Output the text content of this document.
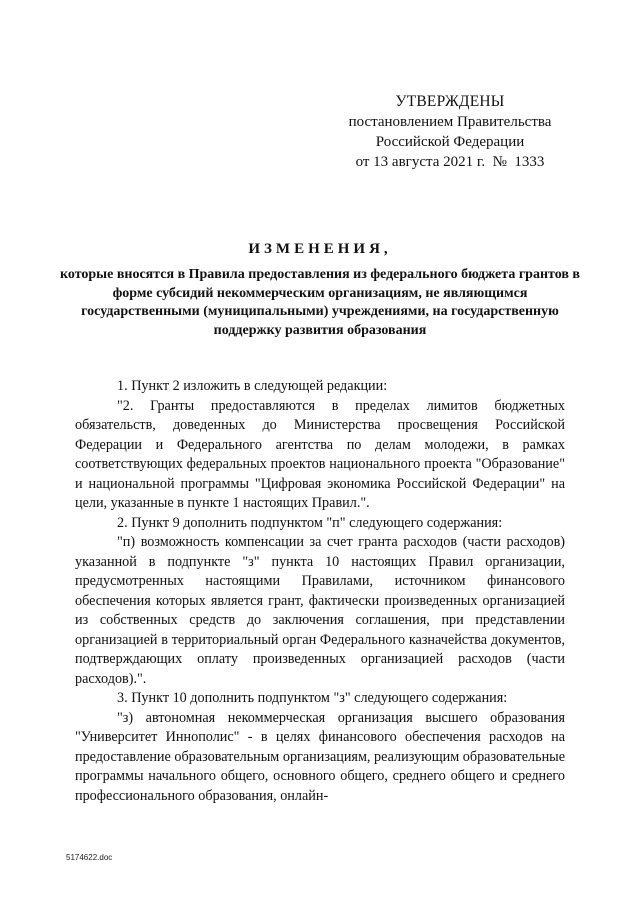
УТВЕРЖДЕНЫ
постановлением Правительства
Российской Федерации
от 13 августа 2021 г.  №  1333
ИЗМЕНЕНИЯ,
которые вносятся в Правила предоставления из федерального бюджета грантов в форме субсидий некоммерческим организациям, не являющимся государственными (муниципальными) учреждениями, на государственную поддержку развития образования

1. Пункт 2 изложить в следующей редакции:

"2. Гранты предоставляются в пределах лимитов бюджетных обязательств, доведенных до Министерства просвещения Российской Федерации и Федерального агентства по делам молодежи, в рамках соответствующих федеральных проектов национального проекта "Образование" и национальной программы "Цифровая экономика Российской Федерации" на цели, указанные в пункте 1 настоящих Правил.".

2. Пункт 9 дополнить подпунктом "п" следующего содержания:

"п) возможность компенсации за счет гранта расходов (части расходов) указанной в подпункте "з" пункта 10 настоящих Правил организации, предусмотренных настоящими Правилами, источником финансового обеспечения которых является грант, фактически произведенных организацией из собственных средств до заключения соглашения, при представлении организацией в территориальный орган Федерального казначейства документов, подтверждающих оплату произведенных организацией расходов (части расходов).".

3. Пункт 10 дополнить подпунктом "з" следующего содержания:

"з) автономная некоммерческая организация высшего образования "Университет Иннополис" - в целях финансового обеспечения расходов на предоставление образовательным организациям, реализующим образовательные программы начального общего, основного общего, среднего общего и среднего профессионального образования, онлайн-

5174622.doc
